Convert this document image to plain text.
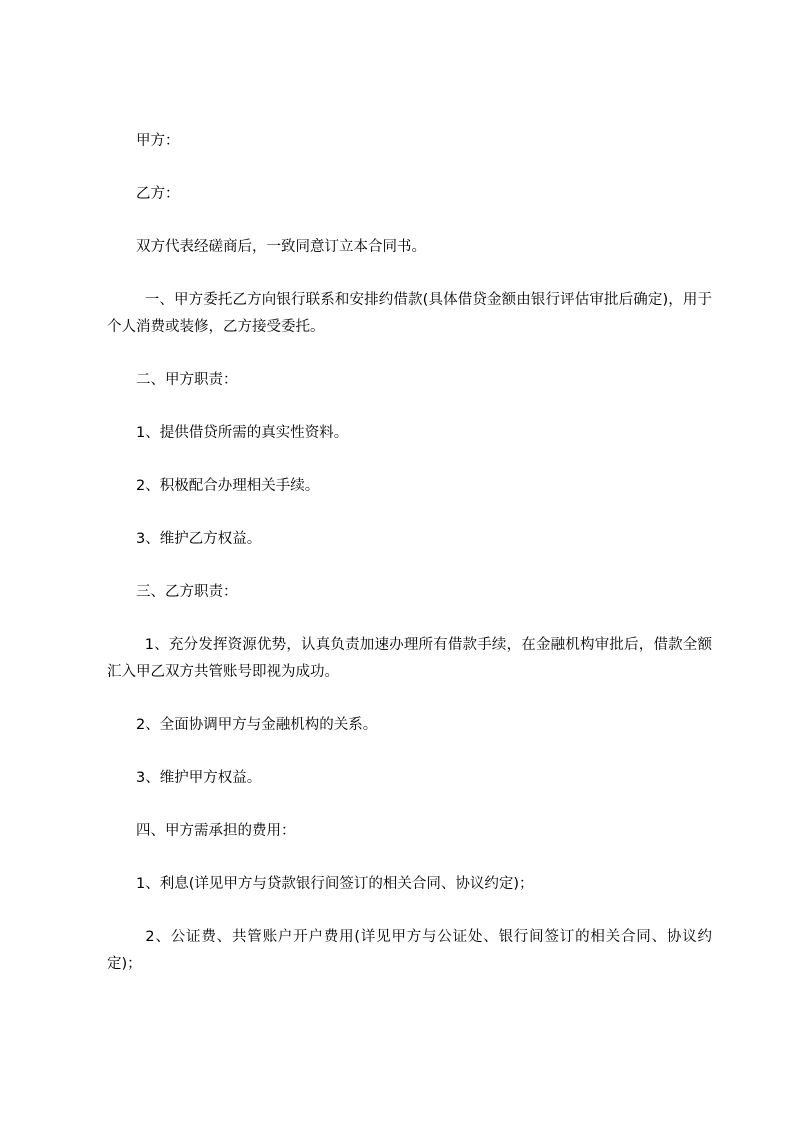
甲方：

乙方：

双方代表经磋商后，一致同意订立本合同书。

一、甲方委托乙方向银行联系和安排约借款(具体借贷金额由银行评估审批后确定)，用于个人消费或装修，乙方接受委托。

二、甲方职责：

1、提供借贷所需的真实性资料。

2、积极配合办理相关手续。

3、维护乙方权益。

三、乙方职责：

1、充分发挥资源优势，认真负责加速办理所有借款手续，在金融机构审批后，借款全额汇入甲乙双方共管账号即视为成功。

2、全面协调甲方与金融机构的关系。

3、维护甲方权益。

四、甲方需承担的费用：

1、利息(详见甲方与贷款银行间签订的相关合同、协议约定)；

2、公证费、共管账户开户费用(详见甲方与公证处、银行间签订的相关合同、协议约定)；
